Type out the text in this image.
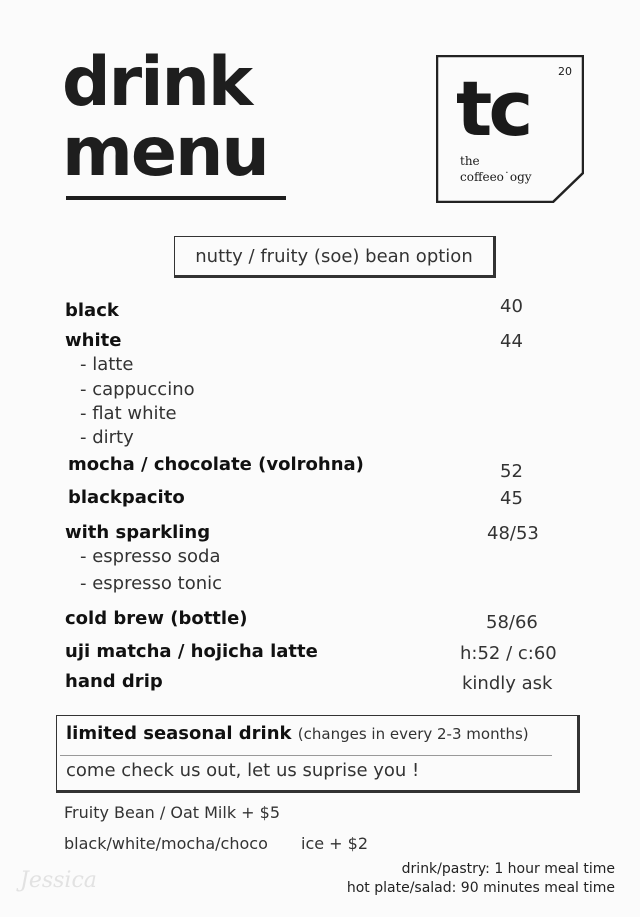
drink
menu tc	20
the
coffeeo˙ogy
nutty / fruity (soe) bean option
black	40
white	44
- latte
- cappuccino
- flat white
- dirty
mocha / chocolate (volrohna)	52
blackpacito	45
with sparkling	48/53
- espresso soda
- espresso tonic
cold brew (bottle)	58/66
uji matcha / hojicha latte	h:52 / c:60
hand drip	kindly ask
limited seasonal drink (changes in every 2-3 months)
come check us out, let us suprise you !
Fruity Bean / Oat Milk + $5
black/white/mocha/choco ice + $2
drink/pastry: 1 hour meal time
hot plate/salad: 90 minutes meal time
Jessica
